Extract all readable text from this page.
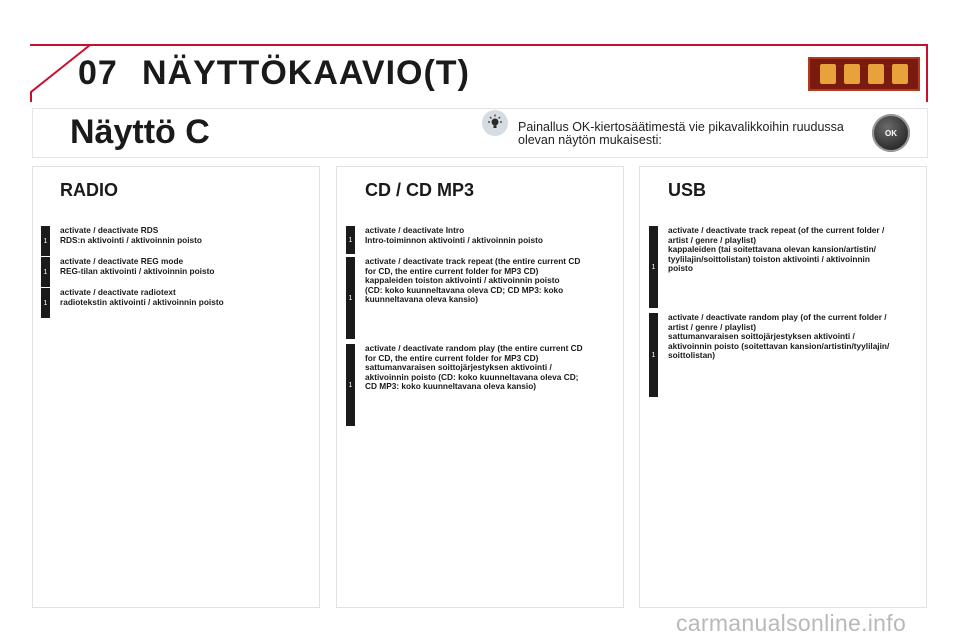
07 NÄYTTÖKAAVIO(T)
Näyttö C	Painallus OK-kiertosäätimestä vie pikavalikkoihin ruudussa olevan näytön mukaisesti:	OK
RADIO
1
activate / deactivate RDS
RDS:n aktivointi / aktivoinnin poisto
1
activate / deactivate REG mode
REG-tilan aktivointi / aktivoinnin poisto
1
activate / deactivate radiotext
radiotekstin aktivointi / aktivoinnin poisto
CD / CD MP3
1
activate / deactivate Intro
Intro-toiminnon aktivointi / aktivoinnin poisto
1
activate / deactivate track repeat (the entire current CD
for CD, the entire current folder for MP3 CD)
kappaleiden toiston aktivointi / aktivoinnin poisto
(CD: koko kuunneltavana oleva CD; CD MP3: koko
kuunneltavana oleva kansio)
1
activate / deactivate random play (the entire current CD
for CD, the entire current folder for MP3 CD)
sattumanvaraisen soittojärjestyksen aktivointi /
aktivoinnin poisto (CD: koko kuunneltavana oleva CD;
CD MP3: koko kuunneltavana oleva kansio)
USB
1
activate / deactivate track repeat (of the current folder /
artist / genre / playlist)
kappaleiden (tai soitettavana olevan kansion/artistin/
tyylilajin/soittolistan) toiston aktivointi / aktivoinnin
poisto
1
activate / deactivate random play (of the current folder /
artist / genre / playlist)
sattumanvaraisen soittojärjestyksen aktivointi /
aktivoinnin poisto (soitettavan kansion/artistin/tyylilajin/
soittolistan)
carmanualsonline.info
